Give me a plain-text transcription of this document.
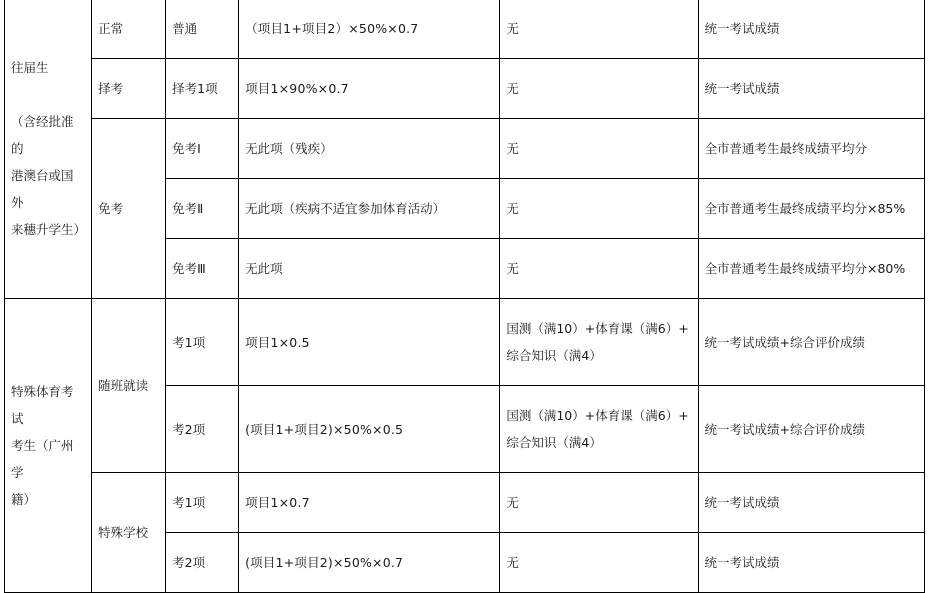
往届生

（含经批准的
港澳台或国外
来穗升学生）	正常	普通	（项目1+项目2）×50%×0.7	无	统一考试成绩
	择考	择考1项	项目1×90%×0.7	无	统一考试成绩
	免考	免考Ⅰ	无此项（残疾）	无	全市普通考生最终成绩平均分
		免考Ⅱ	无此项（疾病不适宜参加体育活动）	无	全市普通考生最终成绩平均分×85%
		免考Ⅲ	无此项	无	全市普通考生最终成绩平均分×80%
特殊体育考试
考生（广州学
籍）	随班就读	考1项	项目1×0.5	国测（满10）+体育课（满6）+
综合知识（满4）	统一考试成绩+综合评价成绩
		考2项	(项目1+项目2)×50%×0.5	国测（满10）+体育课（满6）+
综合知识（满4）	统一考试成绩+综合评价成绩
	特殊学校	考1项	项目1×0.7	无	统一考试成绩
		考2项	(项目1+项目2)×50%×0.7	无	统一考试成绩
